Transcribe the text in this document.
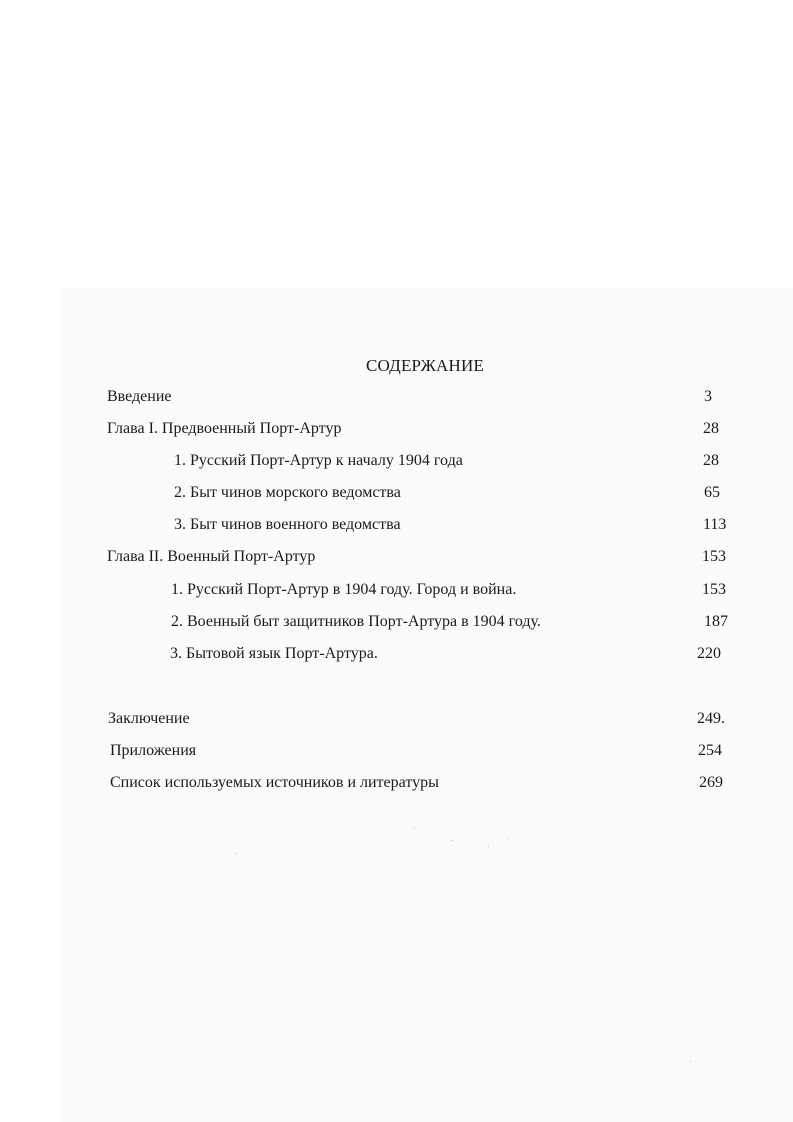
СОДЕРЖАНИЕ
Введение	3
Глава I. Предвоенный Порт-Артур	28
1. Русский Порт-Артур к началу 1904 года	28
2. Быт чинов морского ведомства	65
3. Быт чинов военного ведомства	113
Глава II. Военный Порт-Артур	153
1. Русский Порт-Артур в 1904 году. Город и война.	153
2. Военный быт защитников Порт-Артура в 1904 году.	187
3. Бытовой язык Порт-Артура.	220
Заключение	249.
Приложения	254
Список используемых источников и литературы	269
